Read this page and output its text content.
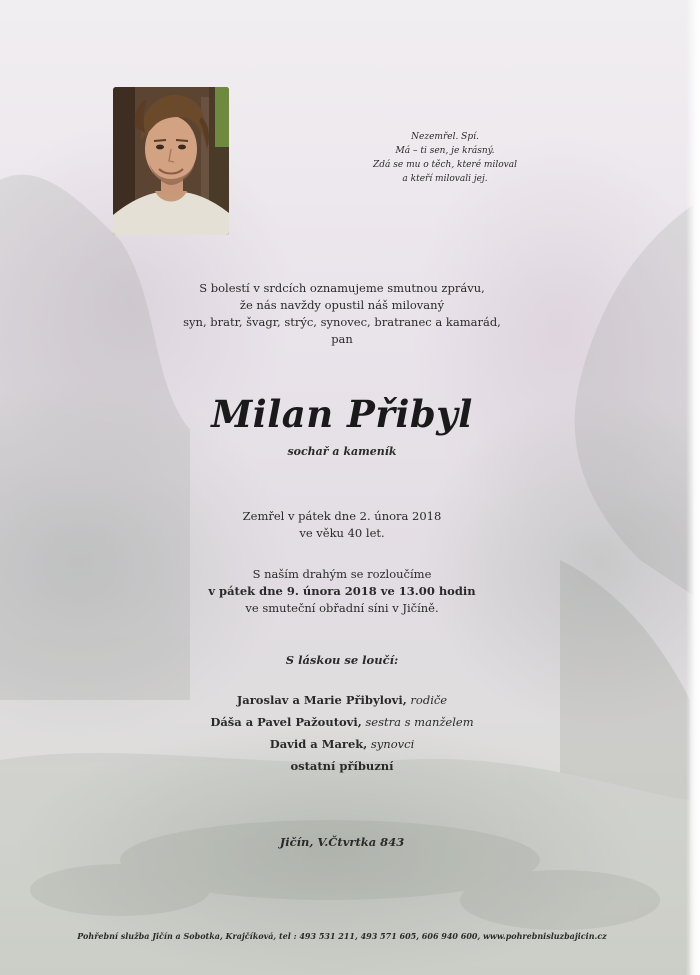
Nezemřel. Spí.
Má – ti sen, je krásný.
Zdá se mu o těch, které miloval
a kteří milovali jej.
S bolestí v srdcích oznamujeme smutnou zprávu,
že nás navždy opustil náš milovaný
syn, bratr, švagr, strýc, synovec, bratranec a kamarád,
pan
Milan Přibyl
sochař a kameník
Zemřel v pátek dne 2. února 2018
ve věku 40 let.
S naším drahým se rozloučíme
v pátek dne 9. února 2018 ve 13.00 hodin
ve smuteční obřadní síni v Jičíně.
S láskou se loučí:
Jaroslav a Marie Přibylovi, rodiče
Dáša a Pavel Pažoutovi, sestra s manželem
David a Marek, synovci
ostatní příbuzní
Jičín, V.Čtvrtka 843
Pohřební služba Jičín a Sobotka, Krajčíková, tel : 493 531 211, 493 571 605, 606 940 600, www.pohrebnisluzbajicin.cz
